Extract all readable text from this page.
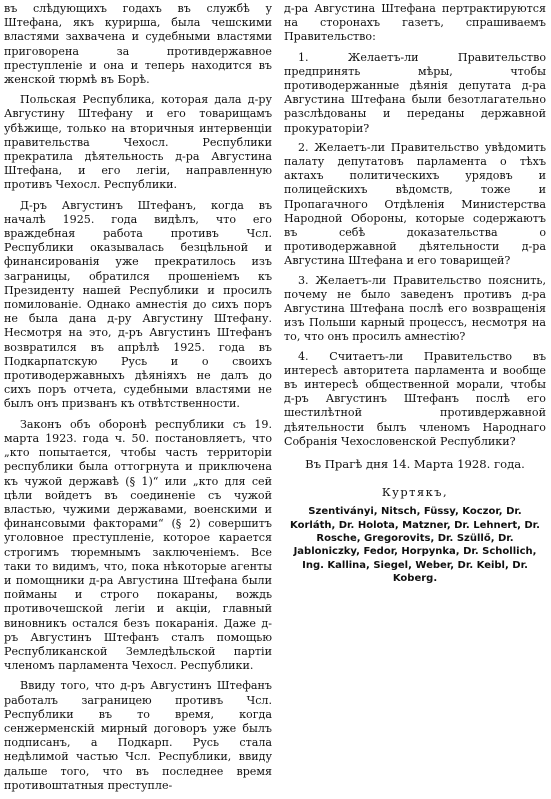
въ слѣдующихъ годахъ въ службѣ у Штефана, якъ курирша, была чешскими властями захвачена и судебными властями приговорена за противдержавное преступленіе и она и теперь находится въ женской тюрмѣ въ Борѣ.

Польская Республика, которая дала д-ру Августину Штефану и его товарищамъ убѣжище, только на вторичныя интервенціи правительства Чехосл. Республики прекратила дѣятельность д-ра Августина Штефана, и его легіи, направленную противъ Чехосл. Республики.

Д-ръ Августинъ Штефанъ, когда въ началѣ 1925. года видѣлъ, что его враждебная работа противъ Чсл. Республики оказывалась безцѣльной и финансированія уже прекратилось изъ заграницы, обратился прошеніемъ къ Президенту нашей Республики и просилъ помилованіе. Однако амнестія до сихъ поръ не была дана д-ру Августину Штефану. Несмотря на это, д-ръ Августинъ Штефанъ возвратился въ апрѣлѣ 1925. года въ Подкарпатскую Русь и о своихъ противодержавныхъ дѣяніяхъ не далъ до сихъ поръ отчета, судебными властями не былъ онъ призванъ къ отвѣтственности.

Законъ объ оборонѣ республики съ 19. марта 1923. года ч. 50. постановляетъ, что „кто попытается, чтобы часть территоріи республики была оттогрнута и приключена къ чужой державѣ (§ 1)“ или „кто для сей цѣли войдетъ въ соединеніе съ чужой властью, чужими державами, военскими и финансовыми факторами“ (§ 2) совершитъ уголовное преступленіе, которое карается строгимъ тюремнымъ заключеніемъ. Все таки то видимъ, что, пока нѣкоторые агенты и помощники д-ра Августина Штефана были пойманы и строго покараны, вождь противочешской легіи и акціи, главный виновникъ остался безъ покаранія. Даже д-ръ Августинъ Штефанъ сталъ помощью Республиканской Земледѣльской партіи членомъ парламента Чехосл. Республики.

Ввиду того, что д-ръ Августинъ Штефанъ работалъ заграницею противъ Чсл. Республики въ то время, когда сенжерменскій мирный договоръ уже былъ подписанъ, а Подкарп. Русь стала недѣлимой частью Чсл. Республики, ввиду дальше того, что въ последнее время противоштатныя преступле-

д-ра Августина Штефана пертрактируются на сторонахъ газетъ, спрашиваемъ Правительство:

1. Желаетъ-ли Правительство предпринять мѣры, чтобы противодержанные дѣянія депутата д-ра Августина Штефана были безотлагательно разслѣдованы и переданы державной прокураторіи?

2. Желаетъ-ли Правительство увѣдомить палату депутатовъ парламента о тѣхъ актахъ политическихъ урядовъ и полицейскихъ вѣдомств, тоже и Пропагачного Отдѣленія Министерства Народной Обороны, которые содержаютъ въ себѣ доказательства о противодержавной дѣятельности д-ра Августина Штефана и его товарищей?

3. Желаетъ-ли Правительство пояснить, почему не было заведенъ противъ д-ра Августина Штефана послѣ его возвращенія изъ Польши карный процессъ, несмотря на то, что онъ просилъ амнестію?

4. Считаетъ-ли Правительство въ интересѣ авторитета парламента и вообще въ интересѣ общественной морали, чтобы д-ръ Августинъ Штефанъ послѣ его шестилѣтной противдержавной дѣятельности былъ членомъ Народнаго Собранія Чехословенской Республики?

Въ Прагѣ дня 14. Марта 1928. года.

Куртякъ,

Szentiványi, Nitsch, Füssy, Koczor, Dr. Korláth, Dr. Holota, Matzner, Dr. Lehnert, Dr. Rosche, Gregorovits, Dr. Szüllő, Dr. Jabloniczky, Fedor, Horpynka, Dr. Schollich, Ing. Kallina, Siegel, Weber, Dr. Keibl, Dr. Koberg.
